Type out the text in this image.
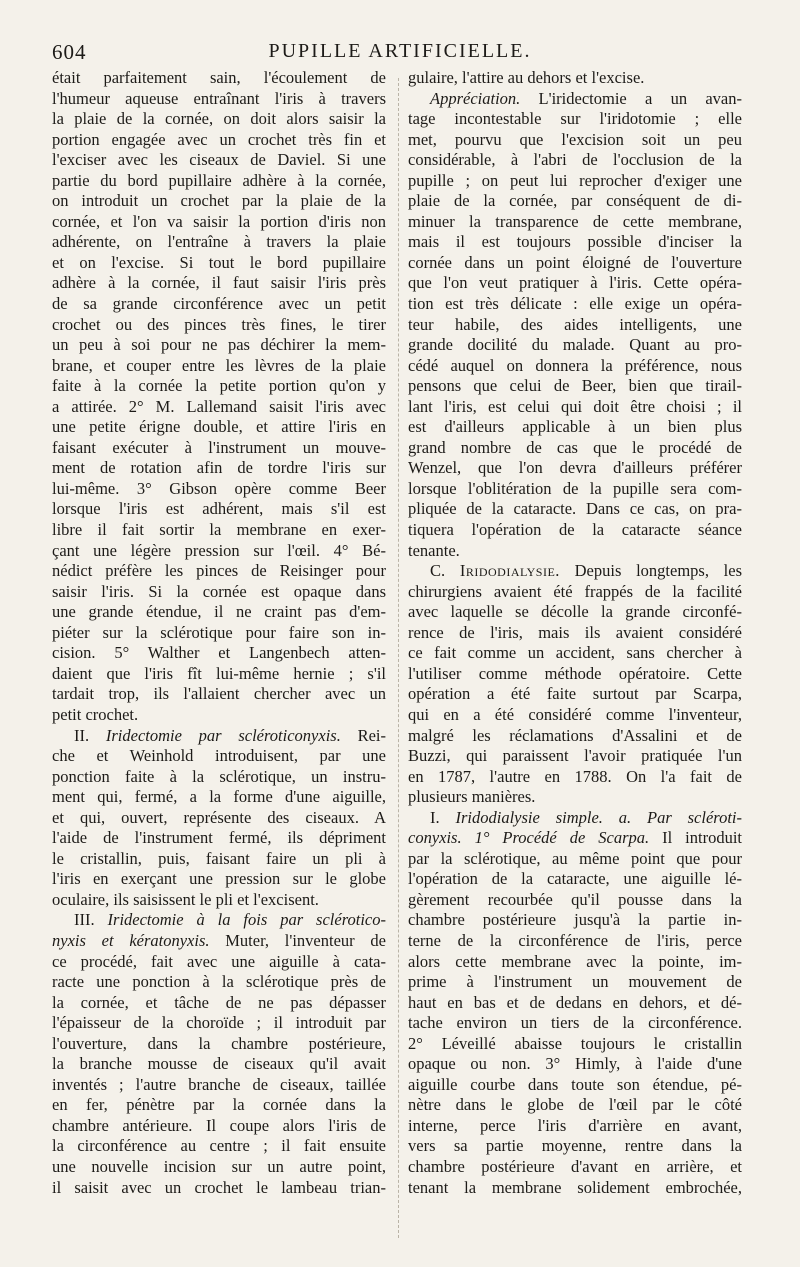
604	PUPILLE ARTIFICIELLE.
était parfaitement sain, l'écoulement de
l'humeur aqueuse entraînant l'iris à travers
la plaie de la cornée, on doit alors saisir la
portion engagée avec un crochet très fin et
l'exciser avec les ciseaux de Daviel. Si une
partie du bord pupillaire adhère à la cornée,
on introduit un crochet par la plaie de la
cornée, et l'on va saisir la portion d'iris non
adhérente, on l'entraîne à travers la plaie
et on l'excise. Si tout le bord pupillaire
adhère à la cornée, il faut saisir l'iris près
de sa grande circonférence avec un petit
crochet ou des pinces très fines, le tirer
un peu à soi pour ne pas déchirer la mem-
brane, et couper entre les lèvres de la plaie
faite à la cornée la petite portion qu'on y
a attirée. 2° M. Lallemand saisit l'iris avec
une petite érigne double, et attire l'iris en
faisant exécuter à l'instrument un mouve-
ment de rotation afin de tordre l'iris sur
lui-même. 3° Gibson opère comme Beer
lorsque l'iris est adhérent, mais s'il est
libre il fait sortir la membrane en exer-
çant une légère pression sur l'œil. 4° Bé-
nédict préfère les pinces de Reisinger pour
saisir l'iris. Si la cornée est opaque dans
une grande étendue, il ne craint pas d'em-
piéter sur la sclérotique pour faire son in-
cision. 5° Walther et Langenbech atten-
daient que l'iris fît lui-même hernie ; s'il
tardait trop, ils l'allaient chercher avec un
petit crochet.
II. Iridectomie par scléroticonyxis. Rei-
che et Weinhold introduisent, par une
ponction faite à la sclérotique, un instru-
ment qui, fermé, a la forme d'une aiguille,
et qui, ouvert, représente des ciseaux. A
l'aide de l'instrument fermé, ils dépriment
le cristallin, puis, faisant faire un pli à
l'iris en exerçant une pression sur le globe
oculaire, ils saisissent le pli et l'excisent.
III. Iridectomie à la fois par scléroticо-
nyxis et kératonyxis. Muter, l'inventeur de
ce procédé, fait avec une aiguille à cata-
racte une ponction à la sclérotique près de
la cornée, et tâche de ne pas dépasser
l'épaisseur de la choroïde ; il introduit par
l'ouverture, dans la chambre postérieure,
la branche mousse de ciseaux qu'il avait
inventés ; l'autre branche de ciseaux, taillée
en fer, pénètre par la cornée dans la
chambre antérieure. Il coupe alors l'iris de
la circonférence au centre ; il fait ensuite
une nouvelle incision sur un autre point,
il saisit avec un crochet le lambeau trian-
gulaire, l'attire au dehors et l'excise.
Appréciation. L'iridectomie a un avan-
tage incontestable sur l'iridotomie ; elle
met, pourvu que l'excision soit un peu
considérable, à l'abri de l'occlusion de la
pupille ; on peut lui reprocher d'exiger une
plaie de la cornée, par conséquent de di-
minuer la transparence de cette membrane,
mais il est toujours possible d'inciser la
cornée dans un point éloigné de l'ouverture
que l'on veut pratiquer à l'iris. Cette opéra-
tion est très délicate : elle exige un opéra-
teur habile, des aides intelligents, une
grande docilité du malade. Quant au pro-
cédé auquel on donnera la préférence, nous
pensons que celui de Beer, bien que tirail-
lant l'iris, est celui qui doit être choisi ; il
est d'ailleurs applicable à un bien plus
grand nombre de cas que le procédé de
Wenzel, que l'on devra d'ailleurs préférer
lorsque l'oblitération de la pupille sera com-
pliquée de la cataracte. Dans ce cas, on pra-
tiquera l'opération de la cataracte séance
tenante.
C. Iridodialysie. Depuis longtemps, les
chirurgiens avaient été frappés de la facilité
avec laquelle se décolle la grande circonfé-
rence de l'iris, mais ils avaient considéré
ce fait comme un accident, sans chercher à
l'utiliser comme méthode opératoire. Cette
opération a été faite surtout par Scarpa,
qui en a été considéré comme l'inventeur,
malgré les réclamations d'Assalini et de
Buzzi, qui paraissent l'avoir pratiquée l'un
en 1787, l'autre en 1788. On l'a fait de
plusieurs manières.
I. Iridodialysie simple. a. Par scléroti-
conyxis. 1° Procédé de Scarpa. Il introduit
par la sclérotique, au même point que pour
l'opération de la cataracte, une aiguille lé-
gèrement recourbée qu'il pousse dans la
chambre postérieure jusqu'à la partie in-
terne de la circonférence de l'iris, perce
alors cette membrane avec la pointe, im-
prime à l'instrument un mouvement de
haut en bas et de dedans en dehors, et dé-
tache environ un tiers de la circonférence.
2° Léveillé abaisse toujours le cristallin
opaque ou non. 3° Himly, à l'aide d'une
aiguille courbe dans toute son étendue, pé-
nètre dans le globe de l'œil par le côté
interne, perce l'iris d'arrière en avant,
vers sa partie moyenne, rentre dans la
chambre postérieure d'avant en arrière, et
tenant la membrane solidement embrochée,
